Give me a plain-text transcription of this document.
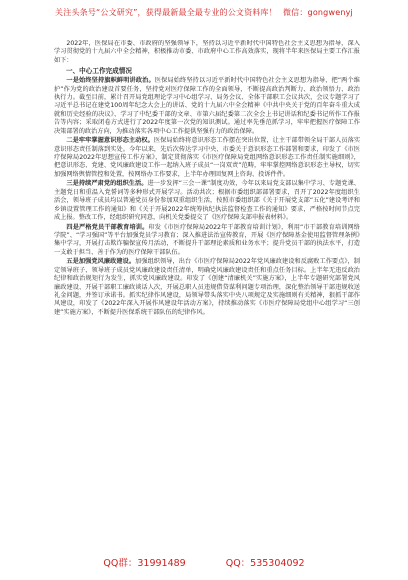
关注头条号“公文研究”，获得最新最全最专业的公文资料库！ 微信：gongwenyj

2022年，医保局在市委、市政府的坚强领导下，坚持以习近平新时代中国特色社会主义思想为指导，深入学习贯彻党的十九届六中全会精神，积极推动市委、市政府中心工作高效落实，现将半年来医保局主要工作汇报如下：

一、中心工作完成情况

一是始终坚持旗帜鲜明讲政治。医保局始终坚持以习近平新时代中国特色社会主义思想为指导，把“两个维护”作为党的政治建设首要任务，坚持党对医疗保障工作的全面领导，不断提高政治判断力、政治领悟力、政治执行力。截至目前，累计召开局党组理论学习中心组学习、局务会议、全体干部职工会议共次，会议专题学习了习近平总书记在建党100周年纪念大会上的讲话、党的十九届六中全会精神《中共中央关于党的百年奋斗重大成就和历史经验的决议》、学习了中纪委干部的文章、市第六届纪委第二次全会上书记讲话和纪委书记所作工作报告等内容；采取闭卷方式进行了2022年度第一次党的知识测试。通过率先垂范抓学习，牢牢把握医疗保障工作决策部署的政治方向，为推动落实各项中心工作提供坚强有力的政治保障。

二是牢牢掌握意识形态主动权。医保局始终将意识形态工作摆在突出位置，让主干部带领全局干部人员落实意识形态责任制落到实处。今年以来，先后次传达学习中央、市委关于意识形态工作部署和要求，印发了《市医疗保障局2022年思想宣传工作方案》，制定贯彻落实《市医疗保障局党组网络意识形态工作责任制实施细则》，把意识形态、党建、党风廉政建设工作一起纳入班子成员“一岗双责”范畴，牢牢掌控网络意识形态主导权，切实加强网络舆情管控和处置，按网络办工作要求，上半年办理回复网上咨询、投诉件件。

三是持续严肃党的组织生活。进一步发挥“三会一课”制度功效，今年以来局党支部以集中学习、专题党课、主题党日和重温入党誓词等多种形式开展学习。活动共次；根据市委组织部部署要求，召开了2022年度组织生活会，领导班子成员均以普通党员身份参加双重组织生活，按照市委组织部《关于开展党支部“五化”建设考评和乡镇设置管理工作的通知》和《关于开展2022年统筹执纪执法监督检查工作的通知》要求，严格按时间节点完成上报。整改工作，经组织研究同意，向机关党委提交了《医疗保障支部申报表材料》。

四是严格党员干部教育培训。印发《市医疗保障局2022年干部教育培训计划》，利用“市干部教育培训网络学院”、“学习强国”等平台加强党员学习教育；深入推进法治宣传教育，开展《医疗保障基金使用监督管理条例》集中学习，开展打击欺诈骗保宣传月活动，不断提升干部理论素质和业务水平；提升党员干部的执法水平，打造一支敢于担当、善于作为的医疗保障干部队伍。

五是加强党风廉政建设。加强组织领导，出台《市医疗保障局2022年党风廉政建设和反腐败工作要点》，制定领导班子、领导班子成员党风廉政建设责任清单，明确党风廉政建设责任和重点任务目标。上半年无违反政治纪律和政治规矩行为发生，抓实党风廉政建设。印发了《创建“清廉机关”实施方案》，上半年专题研究部署党风廉政建设、开展干部职工廉政谈话人次，开展总职人员违规借贷谋利问题专项治理，深化整治领导干部违规收送礼金问题，并签订承诺书。抓实纪律作风建设，局领导带头落实中央八项规定及实施细则有关精神，狠抓干部作风建设，印发了《2022年深入开展作风建设年活动方案》，持续推动落实《市医疗保障局党组中心组学习“三创建”实施方案》，不断提升医保系统干部队伍的纪律作风。

QQ群：31991489	QQ：535304092
